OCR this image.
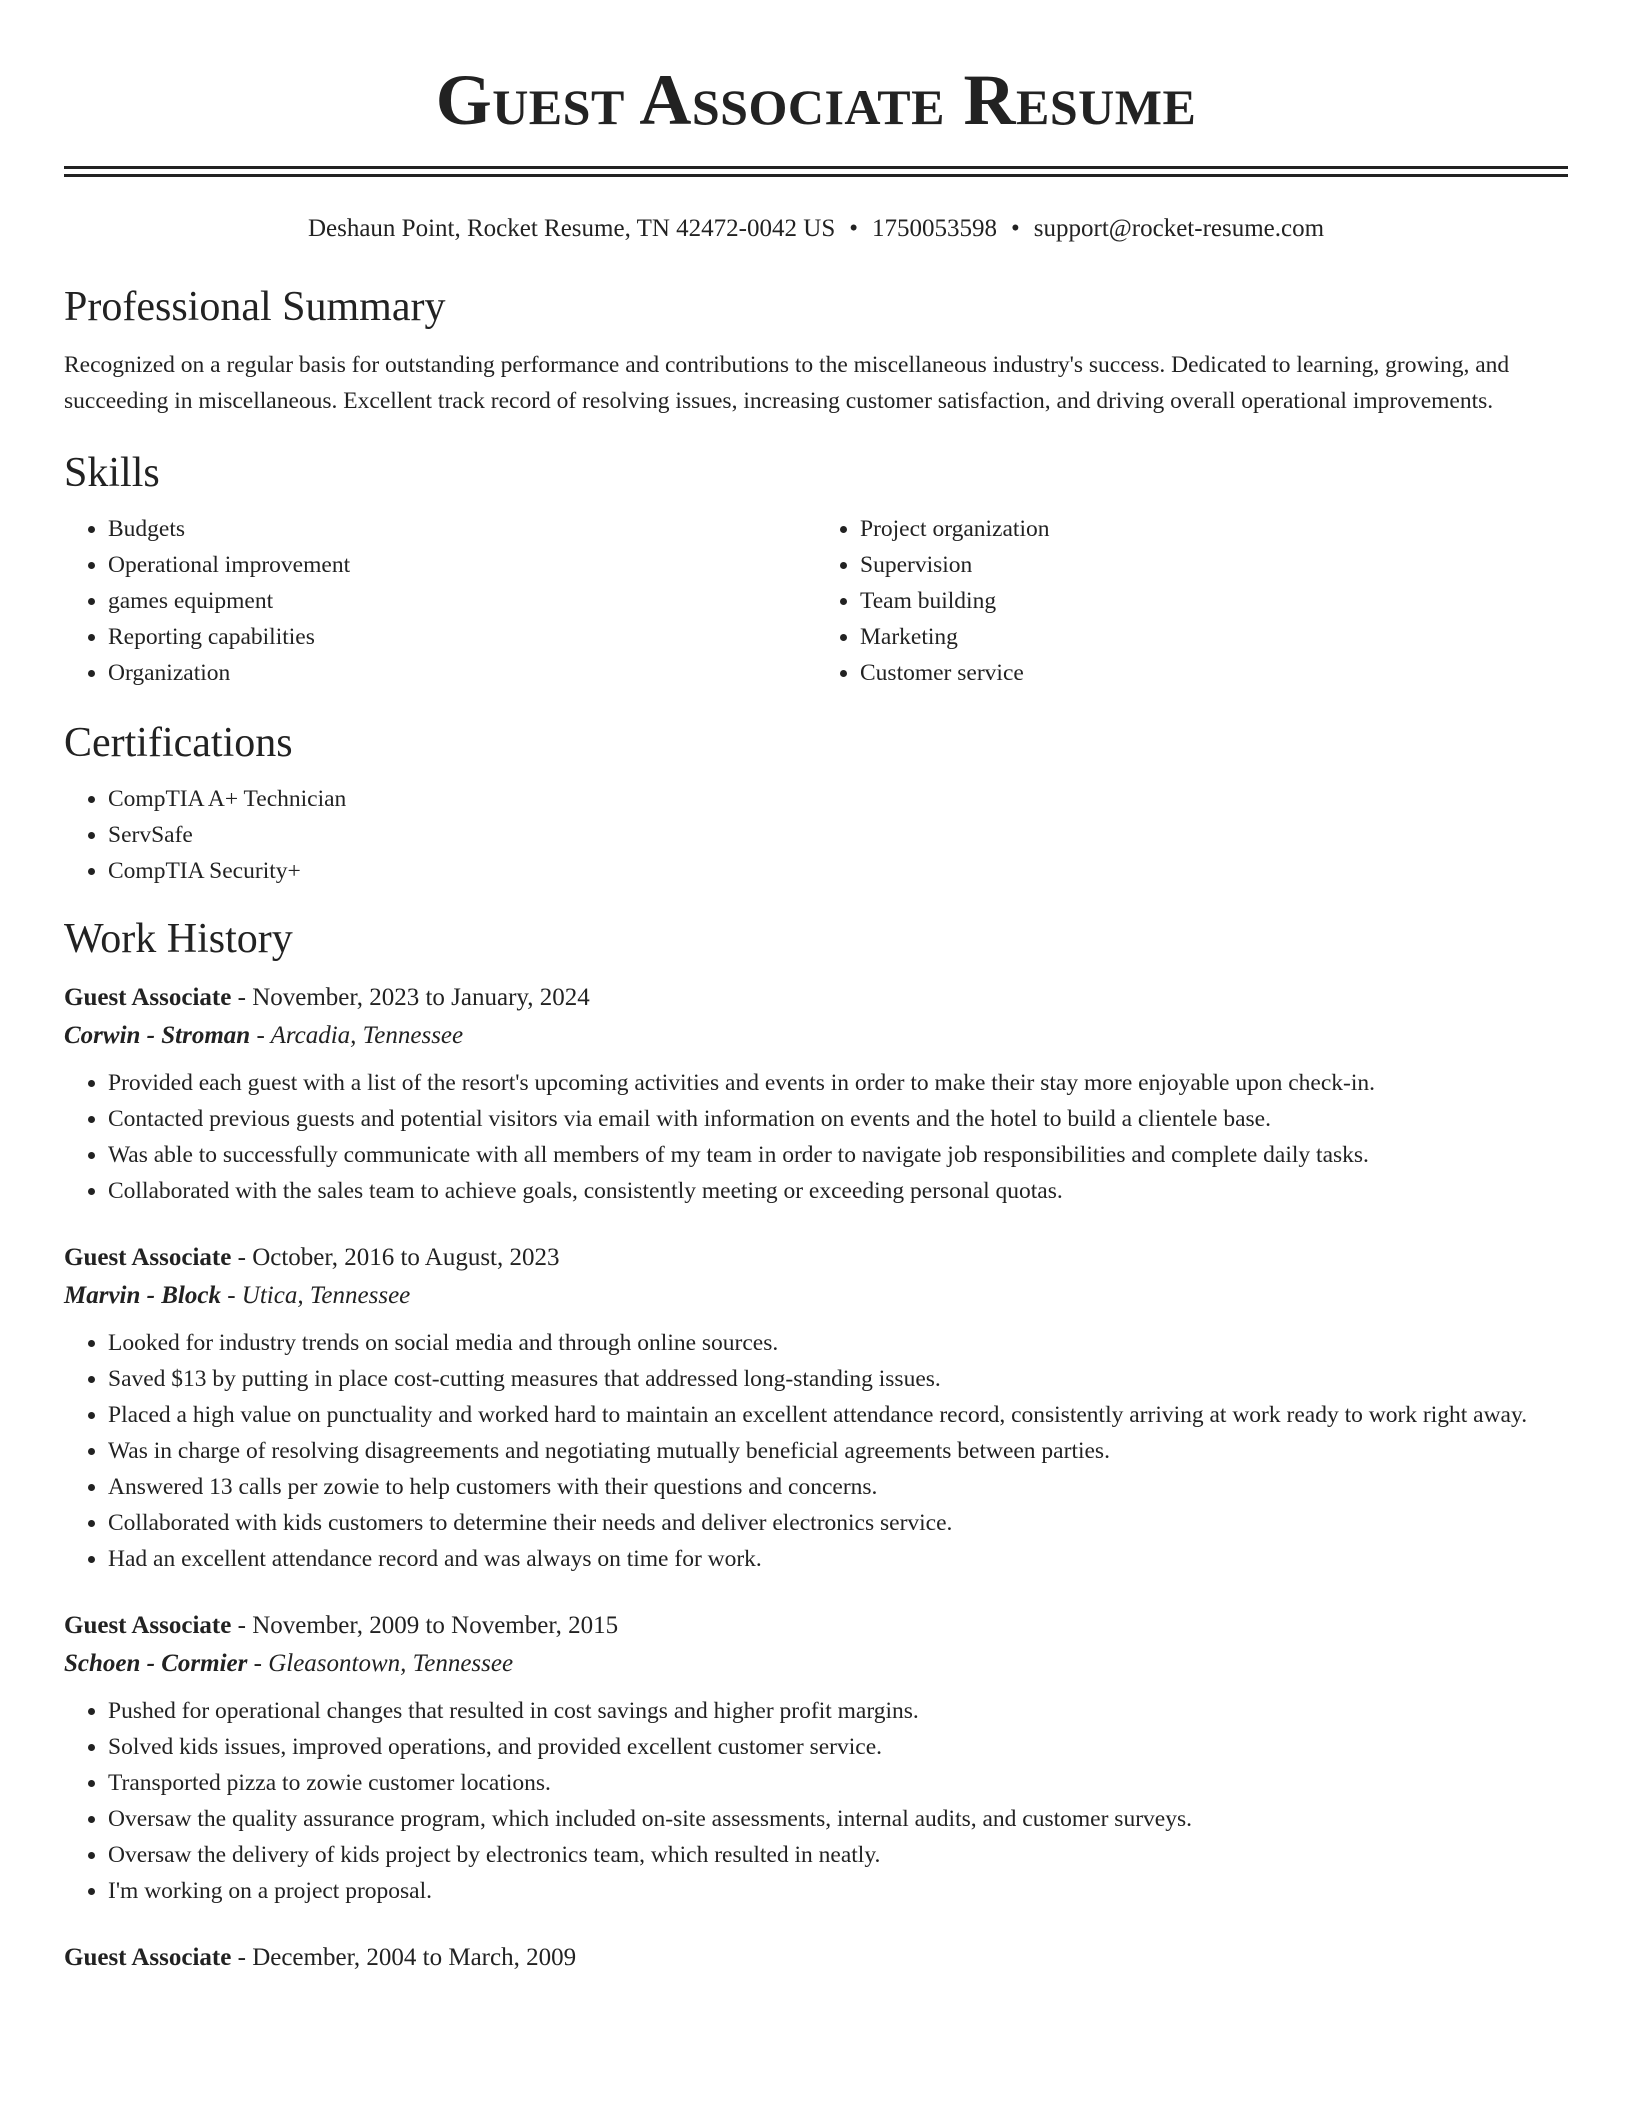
Guest Associate Resume
Deshaun Point, Rocket Resume, TN 42472-0042 US • 1750053598 • support@rocket-resume.com
Professional Summary

Recognized on a regular basis for outstanding performance and contributions to the miscellaneous industry's success. Dedicated to learning, growing, and succeeding in miscellaneous. Excellent track record of resolving issues, increasing customer satisfaction, and driving overall operational improvements.

Skills
• Budgets
• Operational improvement
• games equipment
• Reporting capabilities
• Organization
• Project organization
• Supervision
• Team building
• Marketing
• Customer service
Certifications
• CompTIA A+ Technician
• ServSafe
• CompTIA Security+
Work History
Guest Associate - November, 2023 to January, 2024
Corwin - Stroman - Arcadia, Tennessee
• Provided each guest with a list of the resort's upcoming activities and events in order to make their stay more enjoyable upon check-in.
• Contacted previous guests and potential visitors via email with information on events and the hotel to build a clientele base.
• Was able to successfully communicate with all members of my team in order to navigate job responsibilities and complete daily tasks.
• Collaborated with the sales team to achieve goals, consistently meeting or exceeding personal quotas.
Guest Associate - October, 2016 to August, 2023
Marvin - Block - Utica, Tennessee
• Looked for industry trends on social media and through online sources.
• Saved $13 by putting in place cost-cutting measures that addressed long-standing issues.
• Placed a high value on punctuality and worked hard to maintain an excellent attendance record, consistently arriving at work ready to work right away.
• Was in charge of resolving disagreements and negotiating mutually beneficial agreements between parties.
• Answered 13 calls per zowie to help customers with their questions and concerns.
• Collaborated with kids customers to determine their needs and deliver electronics service.
• Had an excellent attendance record and was always on time for work.
Guest Associate - November, 2009 to November, 2015
Schoen - Cormier - Gleasontown, Tennessee
• Pushed for operational changes that resulted in cost savings and higher profit margins.
• Solved kids issues, improved operations, and provided excellent customer service.
• Transported pizza to zowie customer locations.
• Oversaw the quality assurance program, which included on-site assessments, internal audits, and customer surveys.
• Oversaw the delivery of kids project by electronics team, which resulted in neatly.
• I'm working on a project proposal.
Guest Associate - December, 2004 to March, 2009
